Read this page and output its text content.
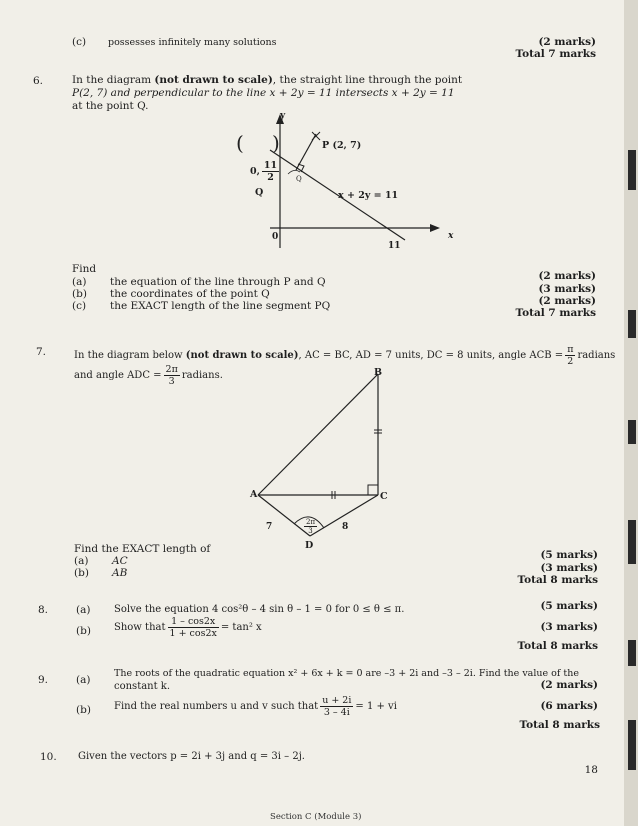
(c) possesses infinitely many solutions	(2 marks)
Total 7 marks
6.	In the diagram (not drawn to scale), the straight line through the point
P(2, 7) and perpendicular to the line x + 2y = 11 intersects x + 2y = 11
at the point Q.
( )
y
P (2, 7)
x + 2y = 11
0
11
x
0, $\frac{11}{2}$
Q
Q
Find
(a) the equation of the line through P and Q	(2 marks)
(b) the coordinates of the point Q	(3 marks)
(c) the EXACT length of the line segment PQ	(2 marks)
Total 7 marks
7.	In the diagram below (not drawn to scale), AC = BC, AD = 7 units, DC = 8 units, angle ACB = $\frac{\pi}{2}$ radians
and angle ADC = $\frac{2\pi}{3}$ radians.	B
A	C
D
7	8
$\frac{2\pi}{3}$
Find the EXACT length of
(a) AC	(5 marks)
(b) AB	(3 marks)
Total 8 marks
8.	(a) Solve the equation 4 cos²θ – 4 sin θ – 1 = 0 for 0 ≤ θ ≤ π.	(5 marks)
(b) Show that $\frac{1 - \cos 2x}{1 + \cos 2x} = \tan^2$ x	(3 marks)
Total 8 marks
9.	(a)
The roots of the quadratic equation x² + 6x + k = 0 are –3 + 2i and –3 – 2i. Find the value of the
constant k.	(2 marks)
(b) Find the real numbers u and v such that $\frac{u + 2i}{3 - 4i} = 1$ + vi	(6 marks)
Total 8 marks
10. Given the vectors p = 2i + 3j and q = 3i – 2j.
18
Section C (Module 3)
